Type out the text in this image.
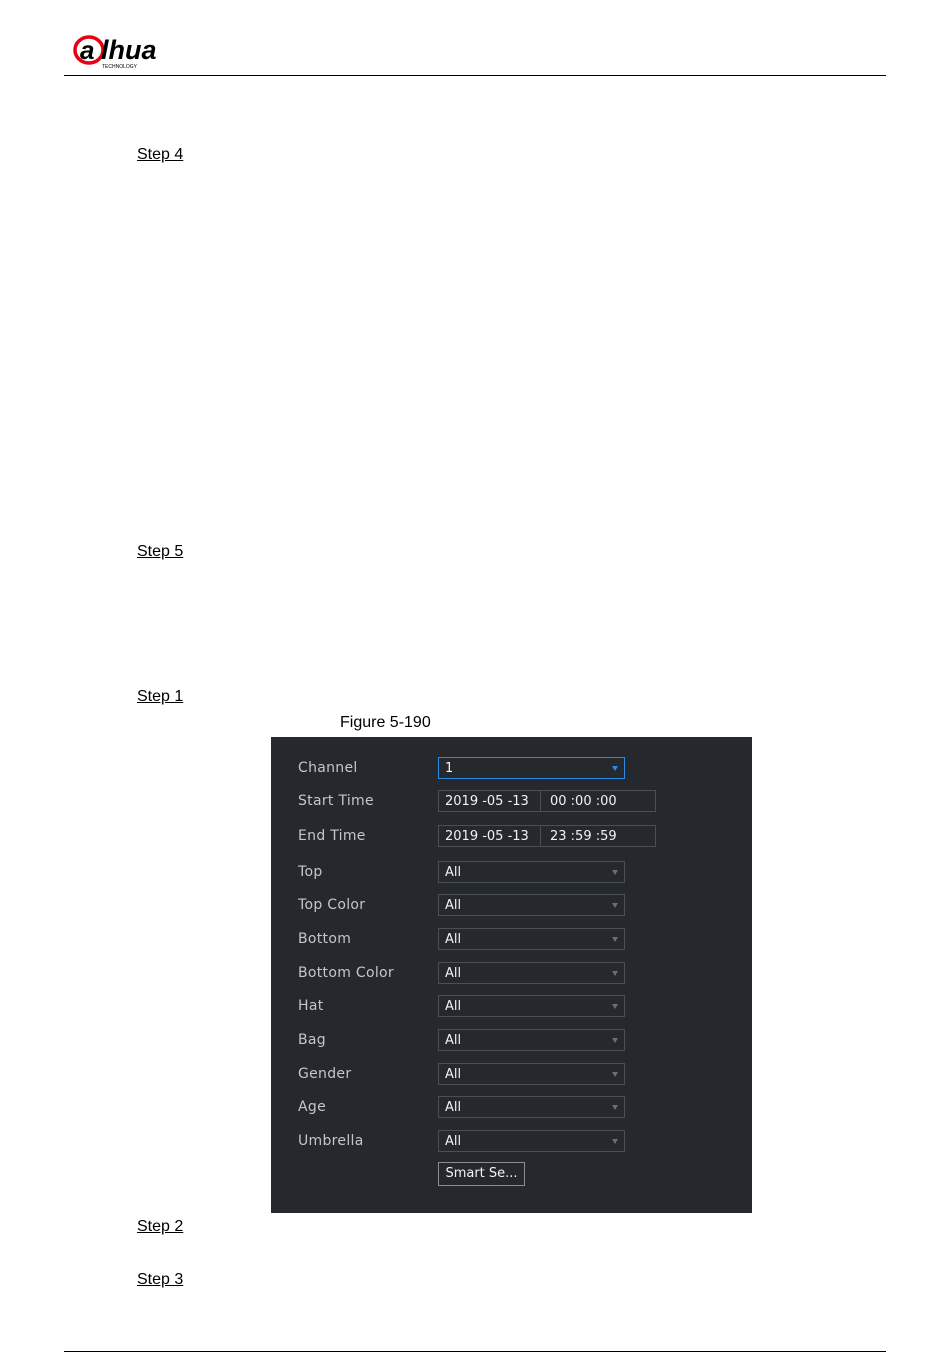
a lhua
TECHNOLOGY
Step 4
Step 5
Step 1
Figure 5-190
Channel	1
Start Time	2019 -05 -13 00 :00 :00
End Time	2019 -05 -13 23 :59 :59
Top	All
Top Color	All
Bottom	All
Bottom Color	All
Hat	All
Bag	All
Gender	All
Age	All
Umbrella	All
Smart Se...
Step 2
Step 3
